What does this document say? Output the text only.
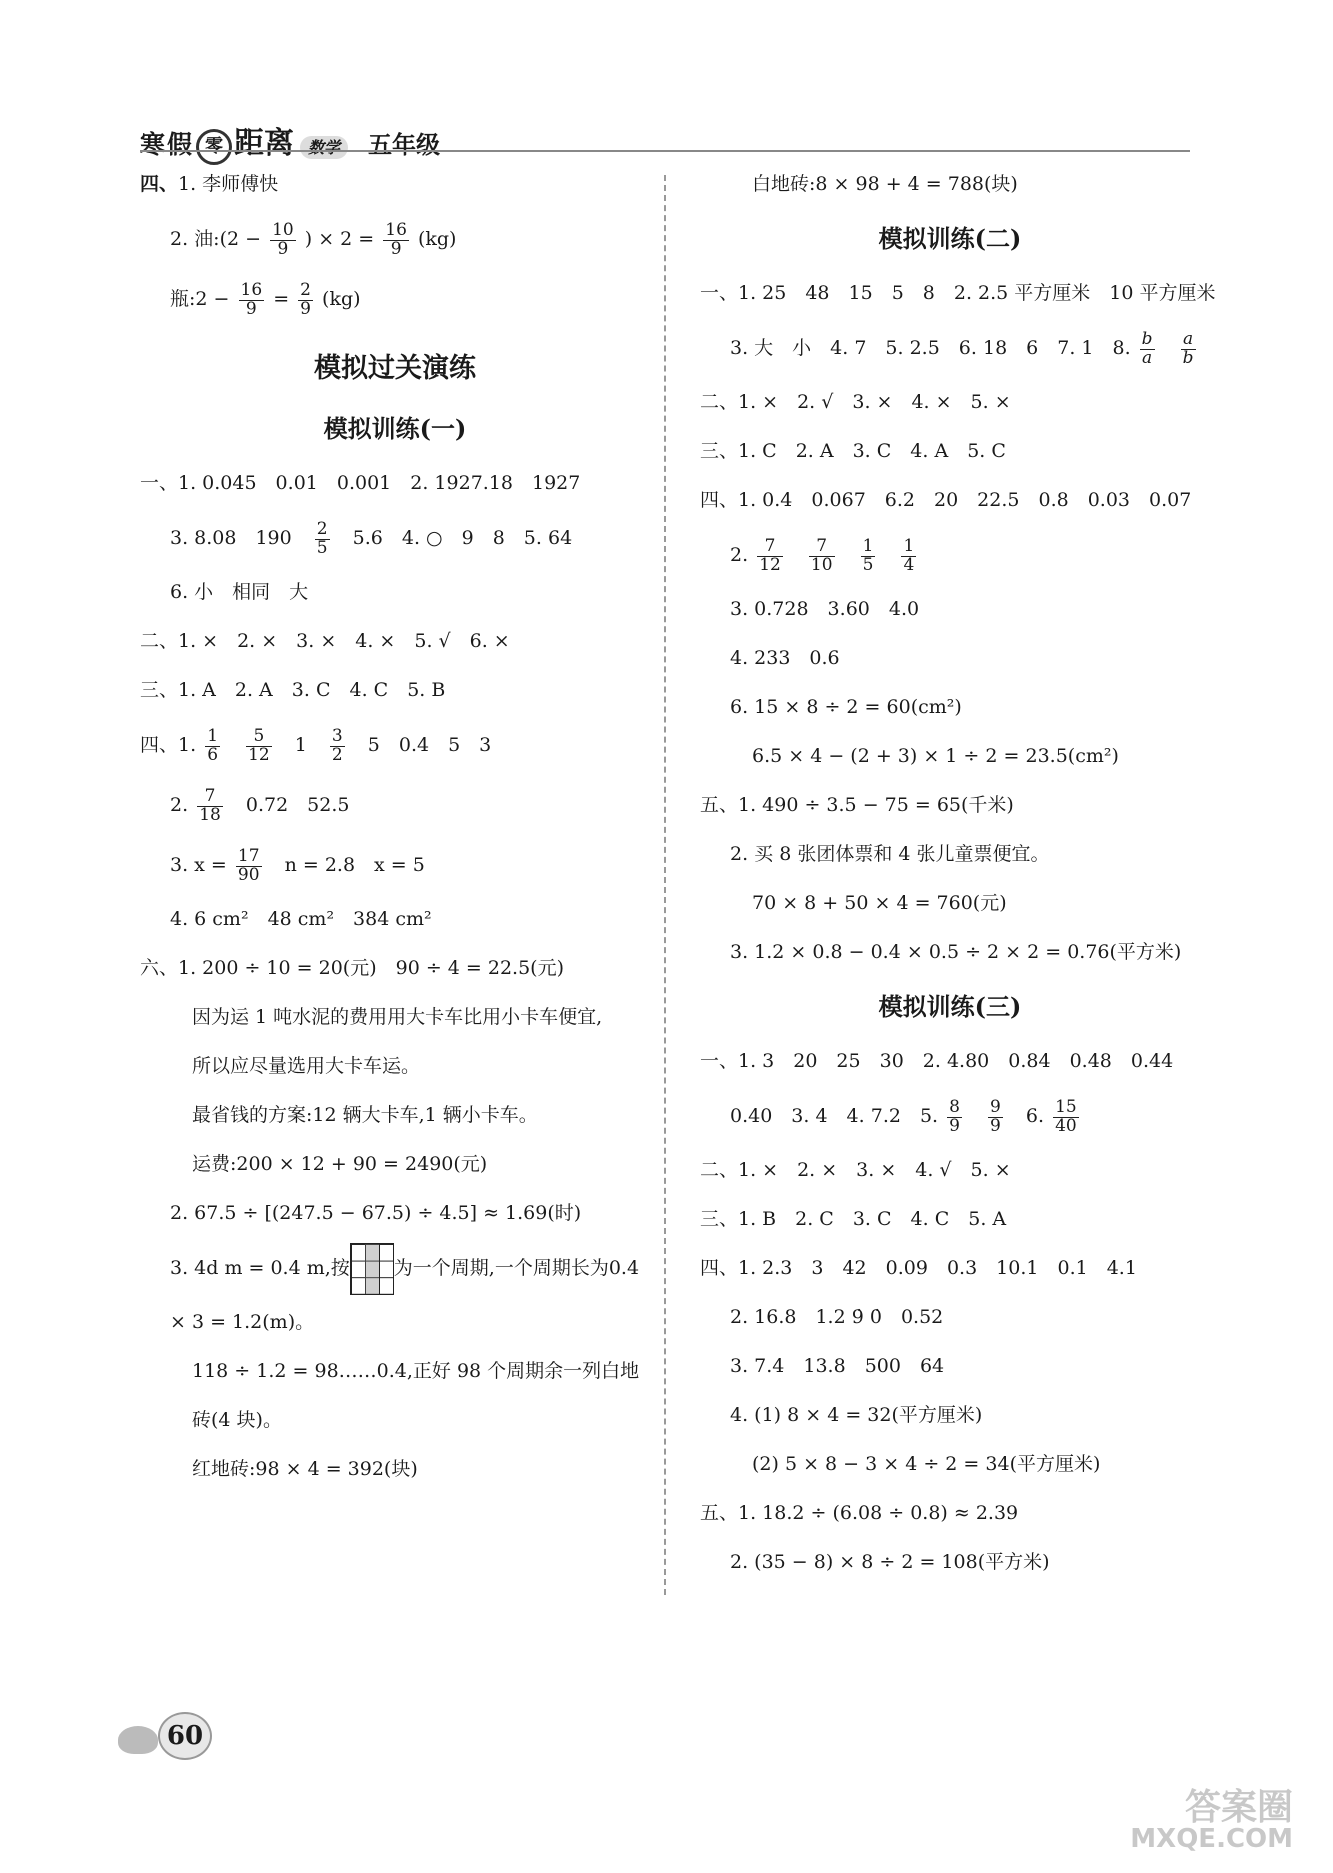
寒假 零 距离 数学 五年级
四、1. 李师傅快
2. 油:(2 − $\frac{10}{9}$ ) × $2 = \frac{16}{9} (kg)$
瓶:2 − $\frac{16}{9} = \frac{2}{9} (kg)$
模拟过关演练
模拟训练(一)
一、1. 0.045　0.01　0.001　2. 1927.18　1927
3. 8.08　$190 \frac{2}{5} 5.6$　4. ○　9　8　5. 64
6. 小　相同　大
二、1. ×　2. ×　3. ×　4. ×　5. √　6. ×
三、1. A　2. A　3. C　4. C　5. B
四、1. $\frac{1}{6}$
$\frac{5}{12} 1 \frac{3}{2} 5$　0.4　5　3
2. $\frac{7}{18} 0.72$　52.5
3. $x = \frac{17}{90}$ n = 2.8　x = 5
4. 6 cm²　48 cm²　384 cm²
六、1. 200 ÷ 10 = 20(元)　90 ÷ 4 = 22.5(元)
因为运 1 吨水泥的费用用大卡车比用小卡车便宜,
所以应尽量选用大卡车运。
最省钱的方案:12 辆大卡车,1 辆小卡车。
运费:200 × 12 + 90 = 2490(元)
2. 67.5 ÷ [(247.5 − 67.5) ÷ 4.5] ≈ 1.69(时)
3. 4d m = 0.4 m,按 为一个周期,一个周期长为0.4
× 3 = 1.2(m)。
118 ÷ 1.2 = 98……0.4,正好 98 个周期余一列白地
砖(4 块)。
红地砖:98 × 4 = 392(块)
白地砖:8 × 98 + 4 = 788(块)
模拟训练(二)
一、1. 25　48　15　5　8　2. 2.5 平方厘米　10 平方厘米
3. 大　小　4. 7　5. 2.5　6. 18　6　7. 1　8. $\frac{b}{a}$
$\frac{a}{b}$
二、1. ×　2. √　3. ×　4. ×　5. ×
三、1. C　2. A　3. C　4. A　5. C
四、1. 0.4　0.067　6.2　20　22.5　0.8　0.03　0.07
2. $\frac{7}{12}$
$\frac{7}{10}$
$\frac{1}{5}$
$\frac{1}{4}$
3. 0.728　3.60　4.0
4. 233　0.6
6. 15 × 8 ÷ 2 = 60(cm²)
6.5 × 4 − (2 + 3) × 1 ÷ 2 = 23.5(cm²)
五、1. 490 ÷ 3.5 − 75 = 65(千米)
2. 买 8 张团体票和 4 张儿童票便宜。
70 × 8 + 50 × 4 = 760(元)
3. 1.2 × 0.8 − 0.4 × 0.5 ÷ 2 × 2 = 0.76(平方米)
模拟训练(三)
一、1. 3　20　25　30　2. 4.80　0.84　0.48　0.44
0.40　3. 4　4. 7.2　5. $\frac{8}{9}$
$\frac{9}{9} 6$. $\frac{15}{40}$
二、1. ×　2. ×　3. ×　4. √　5. ×
三、1. B　2. C　3. C　4. C　5. A
四、1. 2.3　3　42　0.09　0.3　10.1　0.1　4.1
2. 16.8　1.2 9̇ 0̇　0.52
3. 7.4　13.8　500　64
4. (1) 8 × 4 = 32(平方厘米)
(2) 5 × 8 − 3 × 4 ÷ 2 = 34(平方厘米)
五、1. 18.2 ÷ (6.08 ÷ 0.8) ≈ 2.39
2. (35 − 8) × 8 ÷ 2 = 108(平方米)
60
答案圈
MXQE.COM
